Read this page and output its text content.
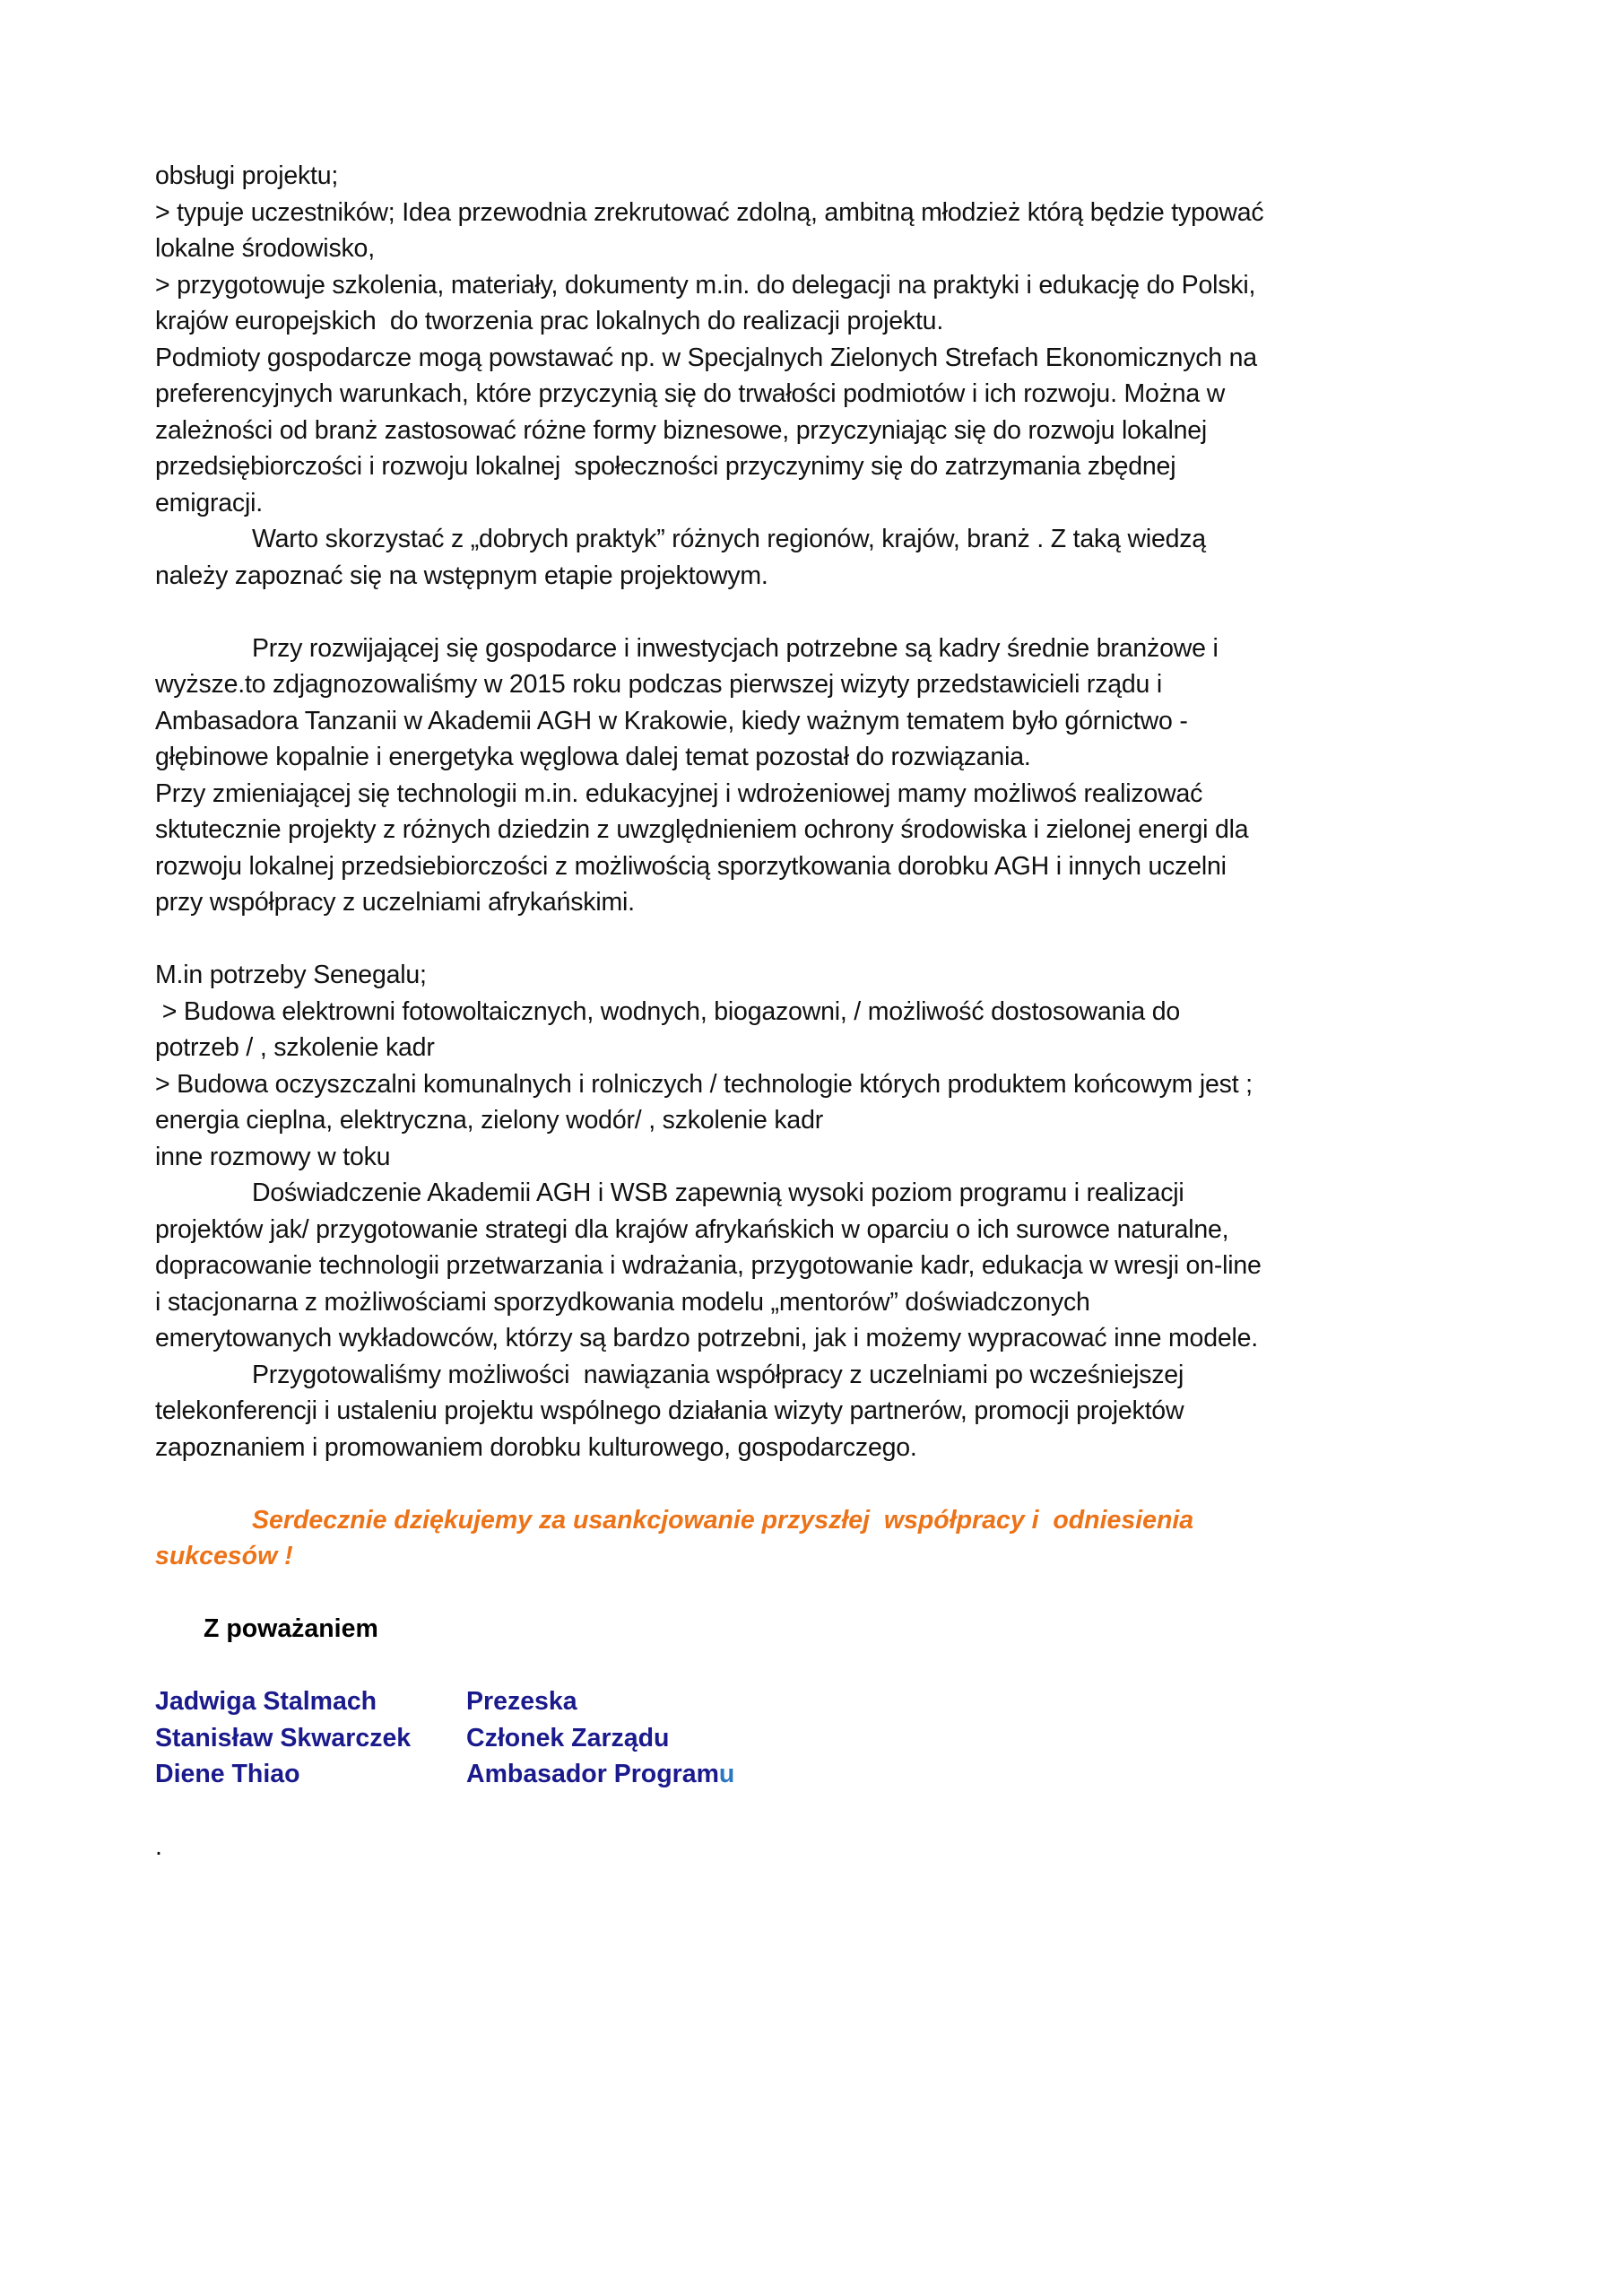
obsługi projektu;

> typuje uczestników; Idea przewodnia zrekrutować zdolną, ambitną młodzież którą będzie typować

lokalne środowisko,

> przygotowuje szkolenia, materiały, dokumenty m.in. do delegacji na praktyki i edukację do Polski,

krajów europejskich  do tworzenia prac lokalnych do realizacji projektu.

Podmioty gospodarcze mogą powstawać np. w Specjalnych Zielonych Strefach Ekonomicznych na

preferencyjnych warunkach, które przyczynią się do trwałości podmiotów i ich rozwoju. Można w

zależności od branż zastosować różne formy biznesowe, przyczyniając się do rozwoju lokalnej

przedsiębiorczości i rozwoju lokalnej  społeczności przyczynimy się do zatrzymania zbędnej

emigracji.

Warto skorzystać z „dobrych praktyk” różnych regionów, krajów, branż . Z taką wiedzą

należy zapoznać się na wstępnym etapie projektowym.

Przy rozwijającej się gospodarce i inwestycjach potrzebne są kadry średnie branżowe i

wyższe.to zdjagnozowaliśmy w 2015 roku podczas pierwszej wizyty przedstawicieli rządu i

Ambasadora Tanzanii w Akademii AGH w Krakowie, kiedy ważnym tematem było górnictwo -

głębinowe kopalnie i energetyka węglowa dalej temat pozostał do rozwiązania.

Przy zmieniającej się technologii m.in. edukacyjnej i wdrożeniowej mamy możliwoś realizować

sktutecznie projekty z różnych dziedzin z uwzględnieniem ochrony środowiska i zielonej energi dla

rozwoju lokalnej przedsiebiorczości z możliwością sporzytkowania dorobku AGH i innych uczelni

przy współpracy z uczelniami afrykańskimi.

M.in potrzeby Senegalu;

> Budowa elektrowni fotowoltaicznych, wodnych, biogazowni, / możliwość dostosowania do

potrzeb / , szkolenie kadr

> Budowa oczyszczalni komunalnych i rolniczych / technologie których produktem końcowym jest ;

energia cieplna, elektryczna, zielony wodór/ , szkolenie kadr

inne rozmowy w toku

Doświadczenie Akademii AGH i WSB zapewnią wysoki poziom programu i realizacji

projektów jak/ przygotowanie strategi dla krajów afrykańskich w oparciu o ich surowce naturalne,

dopracowanie technologii przetwarzania i wdrażania, przygotowanie kadr, edukacja w wresji on-line

i stacjonarna z możliwościami sporzydkowania modelu „mentorów” doświadczonych

emerytowanych wykładowców, którzy są bardzo potrzebni, jak i możemy wypracować inne modele.

Przygotowaliśmy możliwości  nawiązania współpracy z uczelniami po wcześniejszej

telekonferencji i ustaleniu projektu wspólnego działania wizyty partnerów, promocji projektów

zapoznaniem i promowaniem dorobku kulturowego, gospodarczego.

Serdecznie dziękujemy za usankcjowanie przyszłej  współpracy i  odniesienia

sukcesów !

Z poważaniem

Jadwiga Stalmach	Prezeska
Stanisław Skwarczek	Członek Zarządu
Diene Thiao	Ambasador Programu

.
